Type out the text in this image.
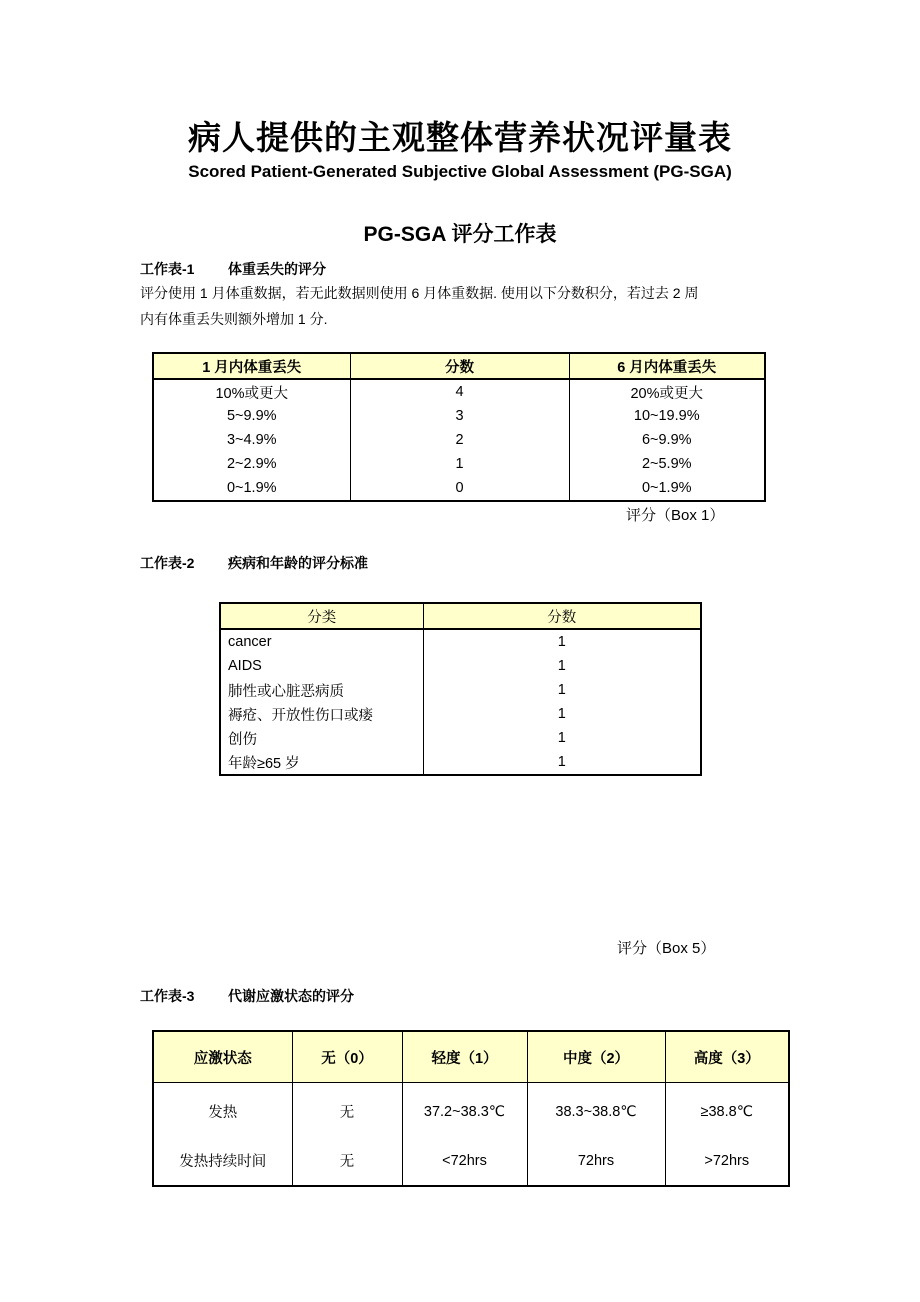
病人提供的主观整体营养状况评量表
Scored Patient-Generated Subjective Global Assessment (PG-SGA)
PG-SGA 评分工作表
工作表-1 体重丢失的评分
评分使用 1 月体重数据，若无此数据则使用 6 月体重数据. 使用以下分数积分，若过去 2 周
内有体重丢失则额外增加 1 分.
1 月内体重丢失	分数	6 月内体重丢失
10%或更大	4	20%或更大
5~9.9%	3	10~19.9%
3~4.9%	2	6~9.9%
2~2.9%	1	2~5.9%
0~1.9%	0	0~1.9%
评分（Box 1）
工作表-2 疾病和年龄的评分标准
分类	分数
cancer	1
AIDS	1
肺性或心脏恶病质	1
褥疮、开放性伤口或瘘	1
创伤	1
年龄≥65 岁	1
评分（Box 5）
工作表-3 代谢应激状态的评分
应激状态	无（0）	轻度（1）	中度（2）	高度（3）
发热	无	37.2~38.3℃	38.3~38.8℃	≥38.8℃
发热持续时间	无	<72hrs	72hrs	>72hrs
